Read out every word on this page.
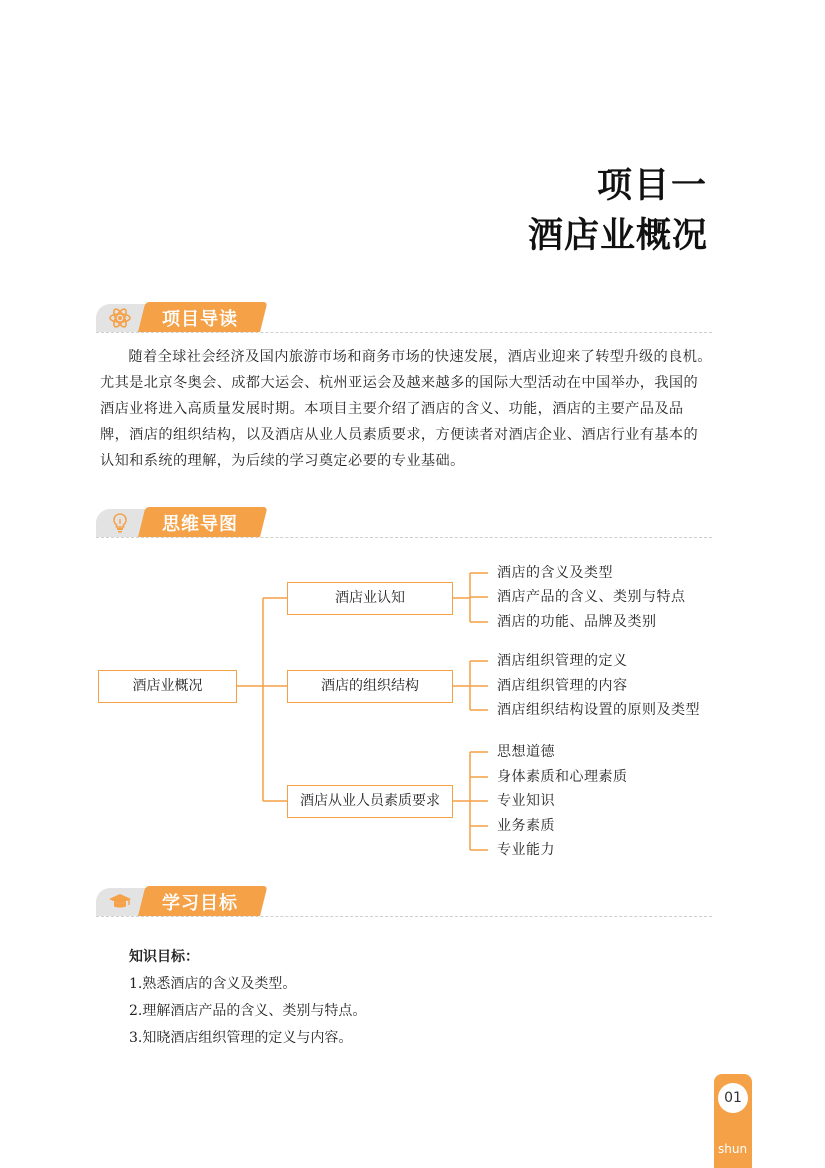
项目一
酒店业概况
项目导读
随着全球社会经济及国内旅游市场和商务市场的快速发展，酒店业迎来了转型升级的良机。尤其是北京冬奥会、成都大运会、杭州亚运会及越来越多的国际大型活动在中国举办，我国的酒店业将进入高质量发展时期。本项目主要介绍了酒店的含义、功能，酒店的主要产品及品牌，酒店的组织结构，以及酒店从业人员素质要求，方便读者对酒店企业、酒店行业有基本的认知和系统的理解，为后续的学习奠定必要的专业基础。
思维导图
酒店业概况
酒店业认知
酒店的组织结构
酒店从业人员素质要求
酒店的含义及类型
酒店产品的含义、类别与特点
酒店的功能、品牌及类别
酒店组织管理的定义
酒店组织管理的内容
酒店组织结构设置的原则及类型
思想道德
身体素质和心理素质
专业知识
业务素质
专业能力
学习目标
知识目标：
1.熟悉酒店的含义及类型。
2.理解酒店产品的含义、类别与特点。
3.知晓酒店组织管理的定义与内容。
01
shun
